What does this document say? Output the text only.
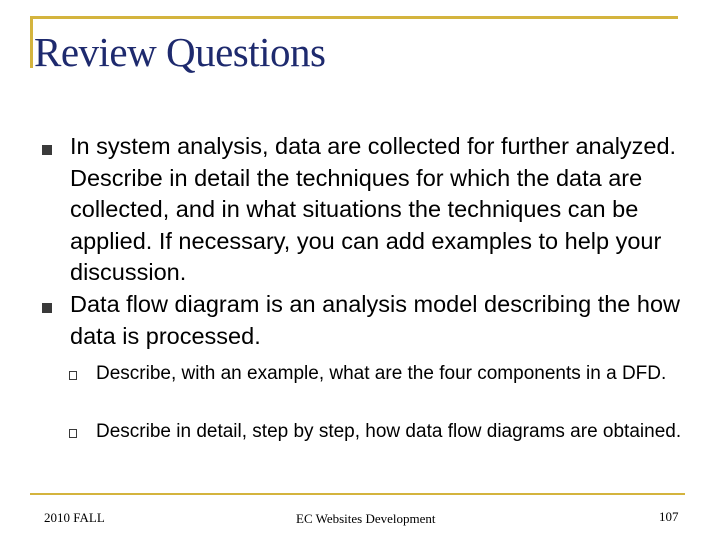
Review Questions
In system analysis, data are collected for further analyzed. Describe in detail the techniques for which the data are collected, and in what situations the techniques can be applied. If necessary, you can add examples to help your discussion.
Data flow diagram is an analysis model describing the how data is processed.
Describe, with an example, what are the four components in a DFD.
Describe in detail, step by step, how data flow diagrams are obtained.
2010 FALL	EC Websites Development	107
